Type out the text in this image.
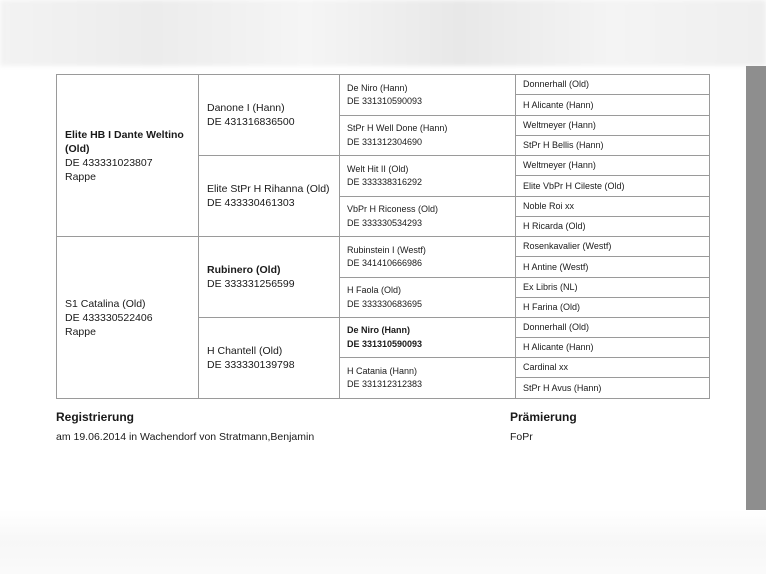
Elite HB I Dante Weltino (Old)
DE 433331023807
Rappe
S1 Catalina (Old)
DE 433330522406
Rappe
Danone I (Hann)
DE 431316836500
Elite StPr H Rihanna (Old)
DE 433330461303
Rubinero (Old)
DE 333331256599
H Chantell (Old)
DE 333330139798
De Niro (Hann)
DE 331310590093
StPr H Well Done (Hann)
DE 331312304690
Welt Hit II (Old)
DE 333338316292
VbPr H Riconess (Old)
DE 333330534293
Rubinstein I (Westf)
DE 341410666986
H Faola (Old)
DE 333330683695
De Niro (Hann)
DE 331310590093
H Catania (Hann)
DE 331312312383
Donnerhall (Old)
H Alicante (Hann)
Weltmeyer (Hann)
StPr H Bellis (Hann)
Weltmeyer (Hann)
Elite VbPr H Cileste (Old)
Noble Roi xx
H Ricarda (Old)
Rosenkavalier (Westf)
H Antine (Westf)
Ex Libris (NL)
H Farina (Old)
Donnerhall (Old)
H Alicante (Hann)
Cardinal xx
StPr H Avus (Hann)
Registrierung
am 19.06.2014 in Wachendorf von Stratmann,Benjamin
Prämierung
FoPr
